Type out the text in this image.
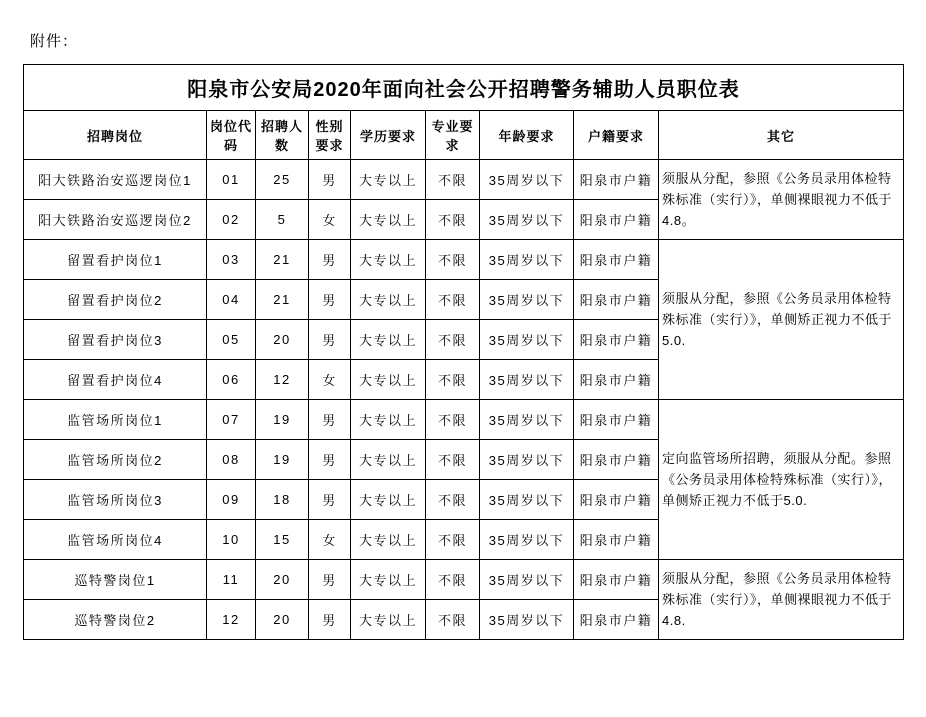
附件：
阳泉市公安局2020年面向社会公开招聘警务辅助人员职位表								
招聘岗位	岗位代码	招聘人数	性别要求	学历要求	专业要求	年龄要求	户籍要求	其它
阳大铁路治安巡逻岗位1	01	25	男	大专以上	不限	35周岁以下	阳泉市户籍	须服从分配，参照《公务员录用体检特殊标准（实行）》，单侧裸眼视力不低于4.8。
阳大铁路治安巡逻岗位2	02	5	女	大专以上	不限	35周岁以下	阳泉市户籍	
留置看护岗位1	03	21	男	大专以上	不限	35周岁以下	阳泉市户籍	须服从分配，参照《公务员录用体检特殊标准（实行）》，单侧矫正视力不低于5.0.
留置看护岗位2	04	21	男	大专以上	不限	35周岁以下	阳泉市户籍	
留置看护岗位3	05	20	男	大专以上	不限	35周岁以下	阳泉市户籍	
留置看护岗位4	06	12	女	大专以上	不限	35周岁以下	阳泉市户籍	
监管场所岗位1	07	19	男	大专以上	不限	35周岁以下	阳泉市户籍	定向监管场所招聘，须服从分配。参照《公务员录用体检特殊标准（实行）》，单侧矫正视力不低于5.0.
监管场所岗位2	08	19	男	大专以上	不限	35周岁以下	阳泉市户籍	
监管场所岗位3	09	18	男	大专以上	不限	35周岁以下	阳泉市户籍	
监管场所岗位4	10	15	女	大专以上	不限	35周岁以下	阳泉市户籍	
巡特警岗位1	11	20	男	大专以上	不限	35周岁以下	阳泉市户籍	须服从分配，参照《公务员录用体检特殊标准（实行）》，单侧裸眼视力不低于4.8.
巡特警岗位2	12	20	男	大专以上	不限	35周岁以下	阳泉市户籍	
